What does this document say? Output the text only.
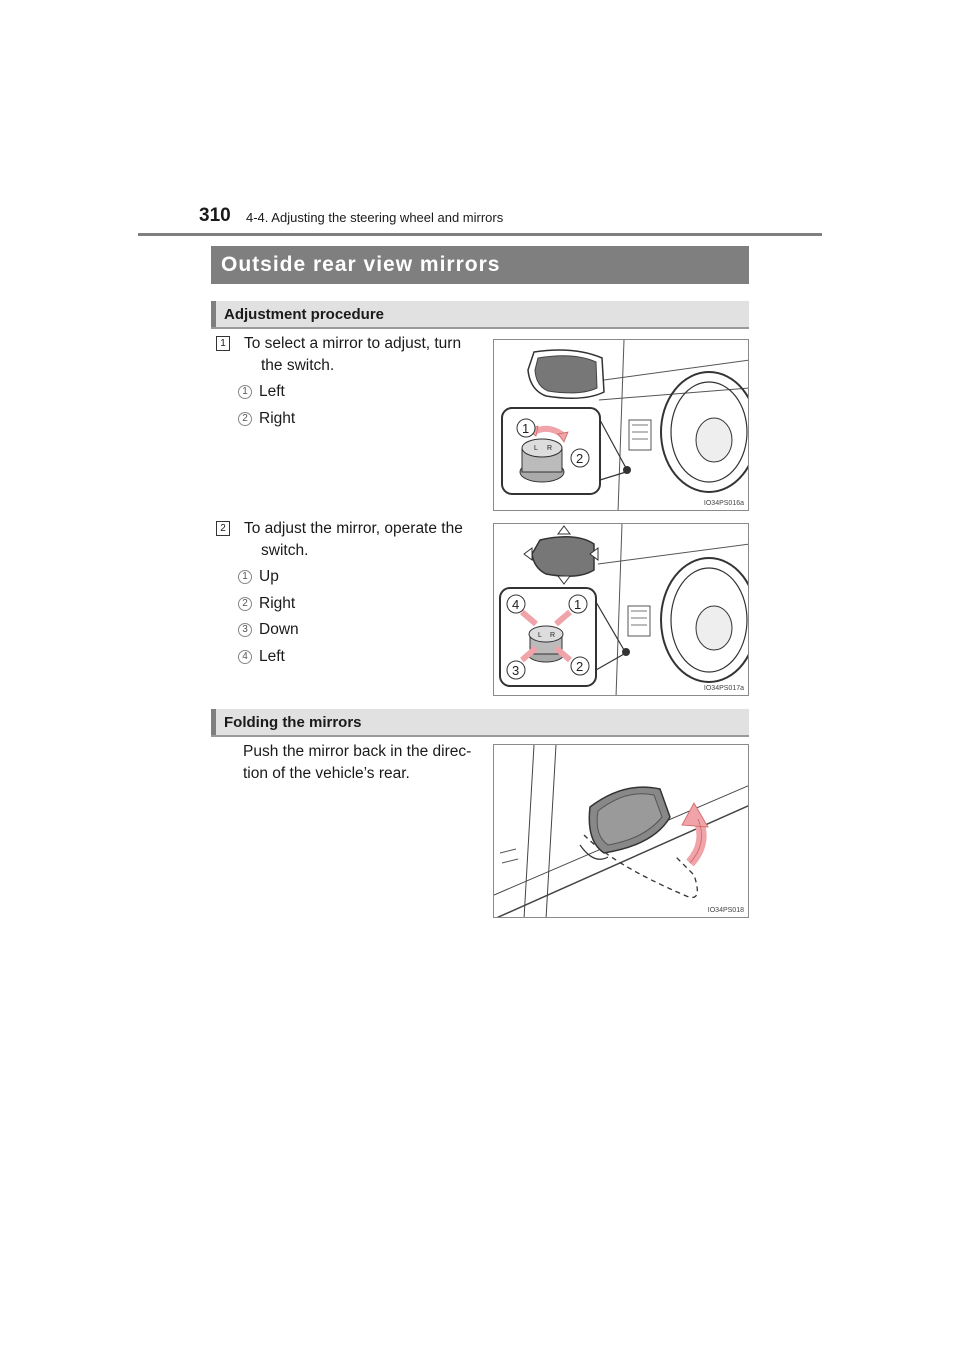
310 4-4. Adjusting the steering wheel and mirrors
Outside rear view mirrors
Adjustment procedure
1 To select a mirror to adjust, turn
the switch.
1 Left
2 Right
L R
1
2
IO34PS016a
2 To adjust the mirror, operate the
switch.
1 Up
2 Right
3 Down
4 Left
L R
4	1
3	2
IO34PS017a
Folding the mirrors
Push the mirror back in the direc-
tion of the vehicle’s rear.
IO34PS018
